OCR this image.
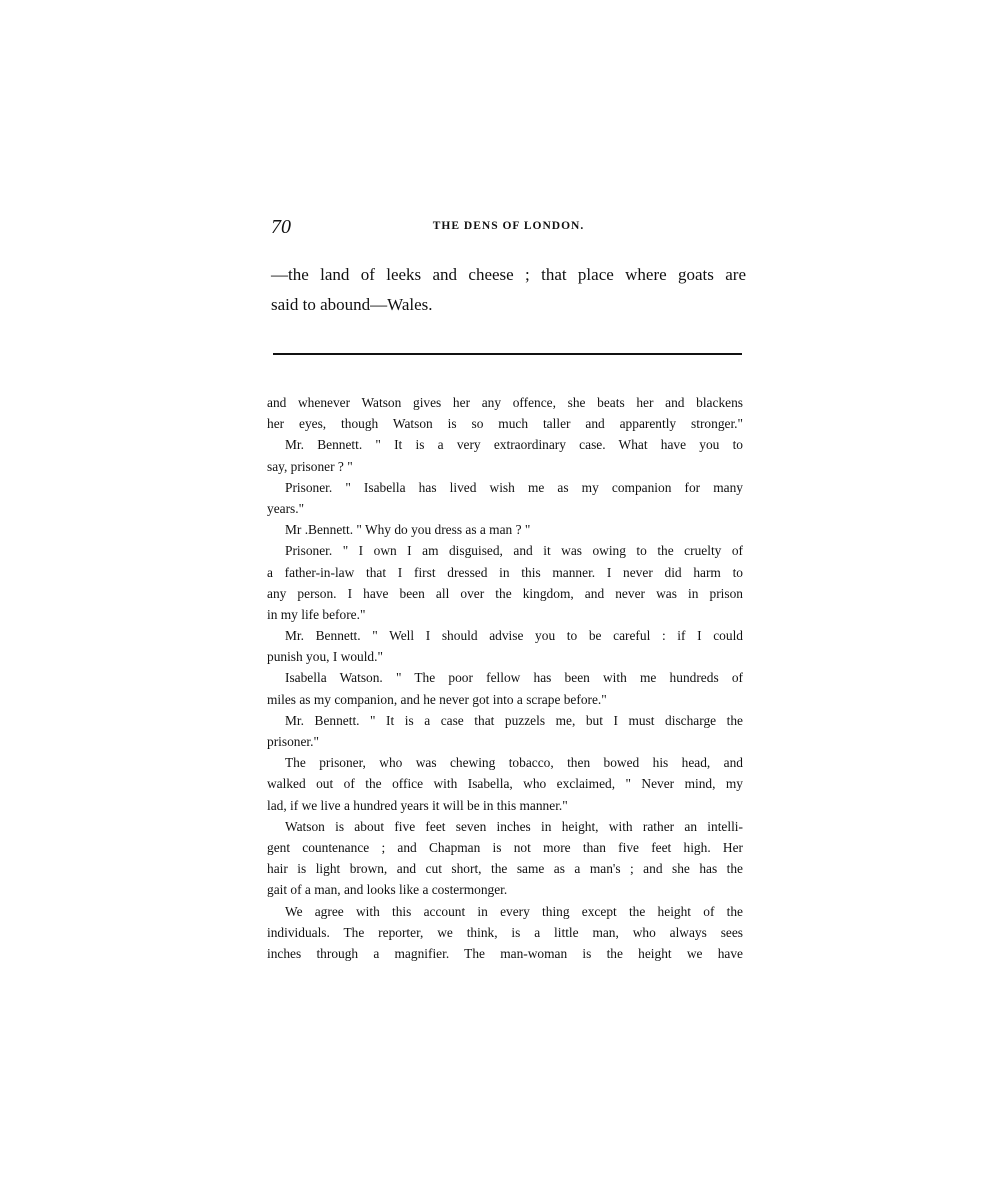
70	THE DENS OF LONDON.
—the land of leeks and cheese ; that place where goats are
said to abound—Wales.
and whenever Watson gives her any offence, she beats her and blackens
her eyes, though Watson is so much taller and apparently stronger."
Mr. Bennett. " It is a very extraordinary case. What have you to
say, prisoner ? "
Prisoner. " Isabella has lived wish me as my companion for many
years."
Mr .Bennett. " Why do you dress as a man ? "
Prisoner. " I own I am disguised, and it was owing to the cruelty of
a father-in-law that I first dressed in this manner. I never did harm to
any person. I have been all over the kingdom, and never was in prison
in my life before."
Mr. Bennett. " Well I should advise you to be careful : if I could
punish you, I would."
Isabella Watson. " The poor fellow has been with me hundreds of
miles as my companion, and he never got into a scrape before."
Mr. Bennett. " It is a case that puzzels me, but I must discharge the
prisoner."
The prisoner, who was chewing tobacco, then bowed his head, and
walked out of the office with Isabella, who exclaimed, " Never mind, my
lad, if we live a hundred years it will be in this manner."
Watson is about five feet seven inches in height, with rather an intelli-
gent countenance ; and Chapman is not more than five feet high. Her
hair is light brown, and cut short, the same as a man's ; and she has the
gait of a man, and looks like a costermonger.
We agree with this account in every thing except the height of the
individuals. The reporter, we think, is a little man, who always sees
inches through a magnifier. The man-woman is the height we have
